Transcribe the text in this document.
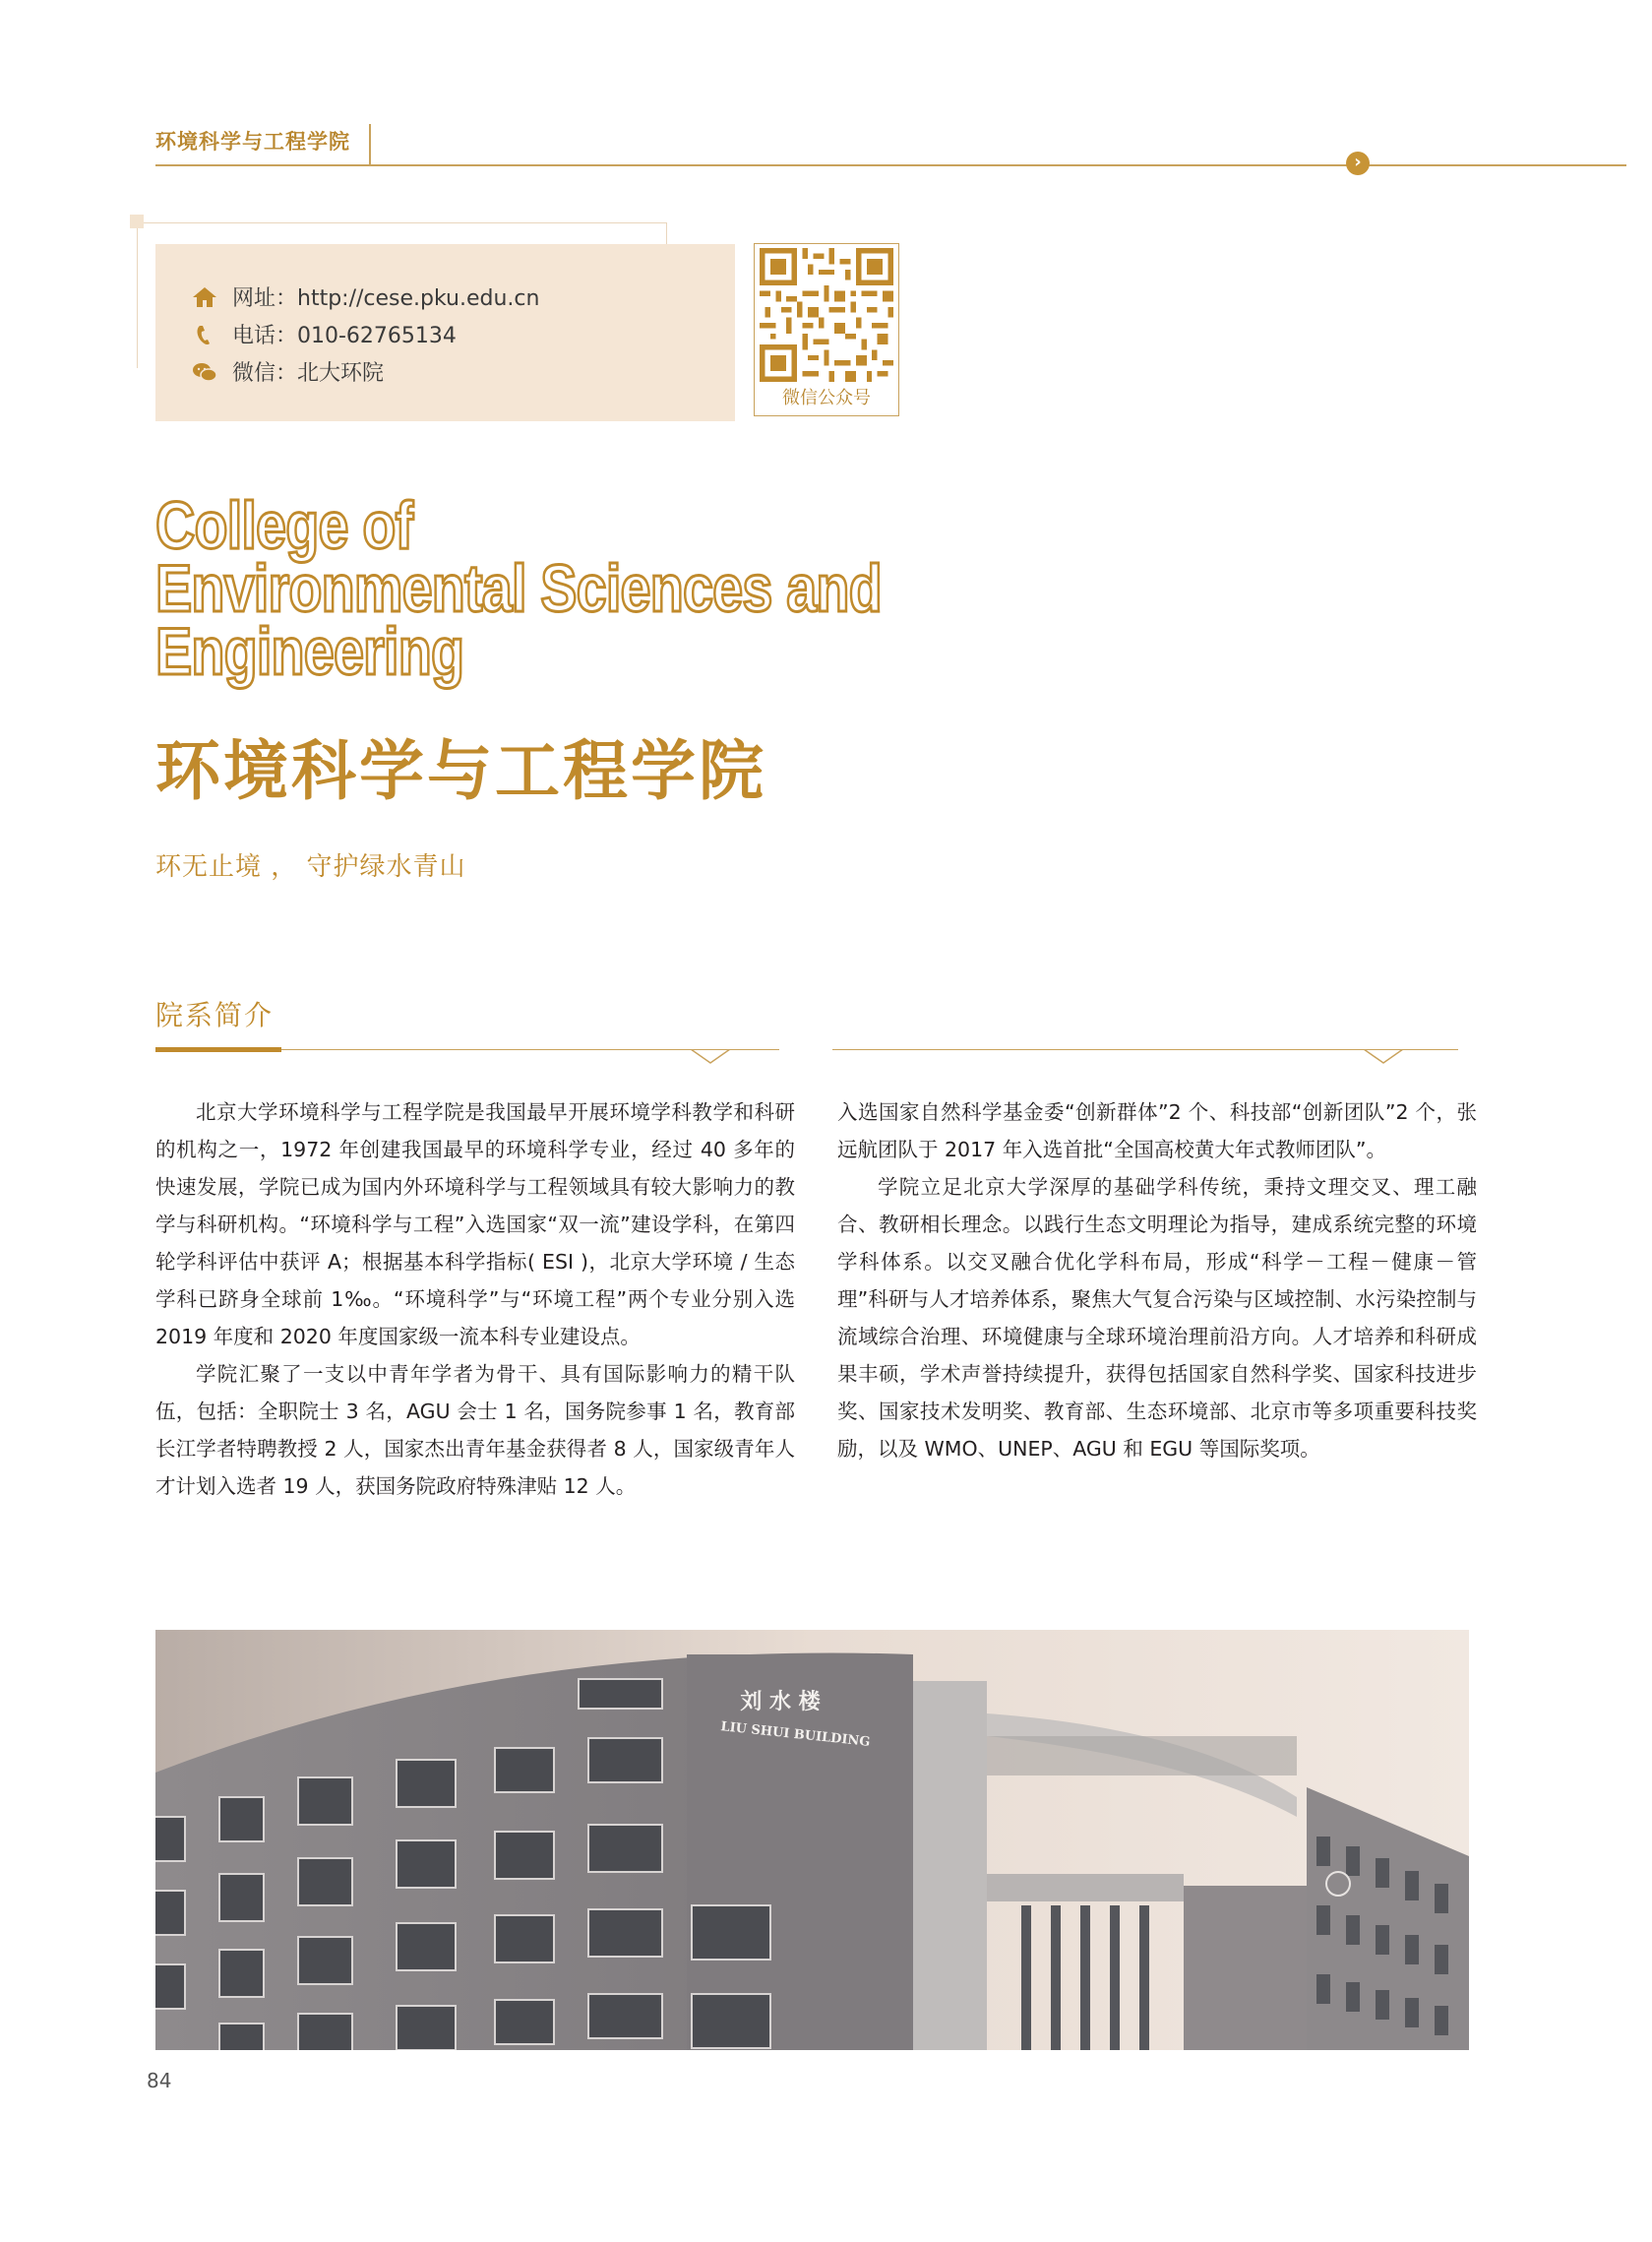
环境科学与工程学院
›
网址：http://cese.pku.edu.cn
电话：010-62765134
微信：北大环院
微信公众号
College of
Environmental Sciences and
Engineering
环境科学与工程学院
环无止境 ， 守护绿水青山
院系简介

北京大学环境科学与工程学院是我国最早开展环境学科教学和科研的机构之一，1972 年创建我国最早的环境科学专业，经过 40 多年的快速发展，学院已成为国内外环境科学与工程领域具有较大影响力的教学与科研机构。“环境科学与工程”入选国家“双一流”建设学科，在第四轮学科评估中获评 A；根据基本科学指标( ESI )，北京大学环境 / 生态学科已跻身全球前 1‰。“环境科学”与“环境工程”两个专业分别入选 2019 年度和 2020 年度国家级一流本科专业建设点。

学院汇聚了一支以中青年学者为骨干、具有国际影响力的精干队伍，包括：全职院士 3 名，AGU 会士 1 名，国务院参事 1 名，教育部长江学者特聘教授 2 人，国家杰出青年基金获得者 8 人，国家级青年人才计划入选者 19 人，获国务院政府特殊津贴 12 人。

入选国家自然科学基金委“创新群体”2 个、科技部“创新团队”2 个，张远航团队于 2017 年入选首批“全国高校黄大年式教师团队”。

学院立足北京大学深厚的基础学科传统，秉持文理交叉、理工融合、教研相长理念。以践行生态文明理论为指导，建成系统完整的环境学科体系。以交叉融合优化学科布局，形成“科学－工程－健康－管理”科研与人才培养体系，聚焦大气复合污染与区域控制、水污染控制与流域综合治理、环境健康与全球环境治理前沿方向。人才培养和科研成果丰硕，学术声誉持续提升，获得包括国家自然科学奖、国家科技进步奖、国家技术发明奖、教育部、生态环境部、北京市等多项重要科技奖励，以及 WMO、UNEP、AGU 和 EGU 等国际奖项。

刘 水 楼
LIU SHUI BUILDING
84
